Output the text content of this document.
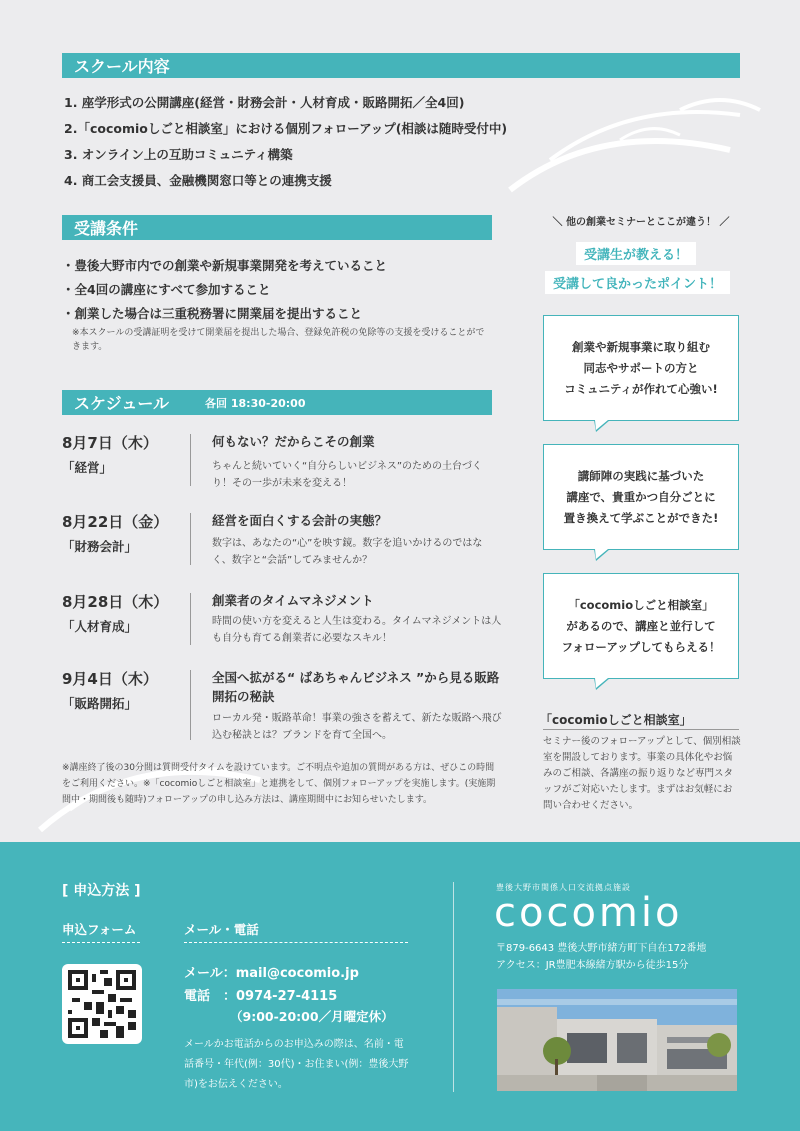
スクール内容
1. 座学形式の公開講座(経営・財務会計・人材育成・販路開拓／全4回)
2.「cocomioしごと相談室」における個別フォローアップ(相談は随時受付中)
3. オンライン上の互助コミュニティ構築
4. 商工会支援員、金融機関窓口等との連携支援
受講条件
・豊後大野市内での創業や新規事業開発を考えていること
・全4回の講座にすべて参加すること
・創業した場合は三重税務署に開業届を提出すること
※本スクールの受講証明を受けて開業届を提出した場合、登録免許税の免除等の支援を受けることができます。
スケジュール	各回 18:30-20:00
8月7日（木）
「経営」
何もない？だからこその創業
ちゃんと続いていく“自分らしいビジネス”のための土台づくり！その一歩が未来を変える！
8月22日（金）
「財務会計」
経営を面白くする会計の実態？
数字は、あなたの“心”を映す鏡。数字を追いかけるのではなく、数字と“会話”してみませんか？
8月28日（木）
「人材育成」
創業者のタイムマネジメント
時間の使い方を変えると人生は変わる。タイムマネジメントは人も自分も育てる創業者に必要なスキル！
9月4日（木）
「販路開拓」
全国へ拡がる“ ばあちゃんビジネス ”から見る販路開拓の秘訣
ローカル発・販路革命！事業の強さを蓄えて、新たな販路へ飛び込む秘訣とは？ブランドを育て全国へ。
※講座終了後の30分間は質問受付タイムを設けています。ご不明点や追加の質問がある方は、ぜひこの時間をご利用ください。※「cocomioしごと相談室」と連携をして、個別フォローアップを実施します。(実施期間中・期間後も随時)フォローアップの申し込み方法は、講座期間中にお知らせいたします。
＼ 他の創業セミナーとここが違う！ ／
受講生が教える！
受講して良かったポイント！
創業や新規事業に取り組む
同志やサポートの方と
コミュニティが作れて心強い!
講師陣の実践に基づいた
講座で、貴重かつ自分ごとに
置き換えて学ぶことができた!
「cocomioしごと相談室」
があるので、講座と並行して
フォローアップしてもらえる！
「cocomioしごと相談室」
セミナー後のフォローアップとして、個別相談室を開設しております。事業の具体化やお悩みのご相談、各講座の振り返りなど専門スタッフがご対応いたします。まずはお気軽にお問い合わせください。
[ 申込方法 ]
申込フォーム	メール・電話
メール：mail@cocomio.jp
電話　：0974-27-4115
（9:00-20:00／月曜定休）
メールかお電話からのお申込みの際は、名前・電話番号・年代(例：30代)・お住まい(例：豊後大野市)をお伝えください。
豊後大野市関係人口交流拠点施設
cocomio
〒879-6643 豊後大野市緒方町下自在172番地
アクセス：JR豊肥本線緒方駅から徒歩15分
